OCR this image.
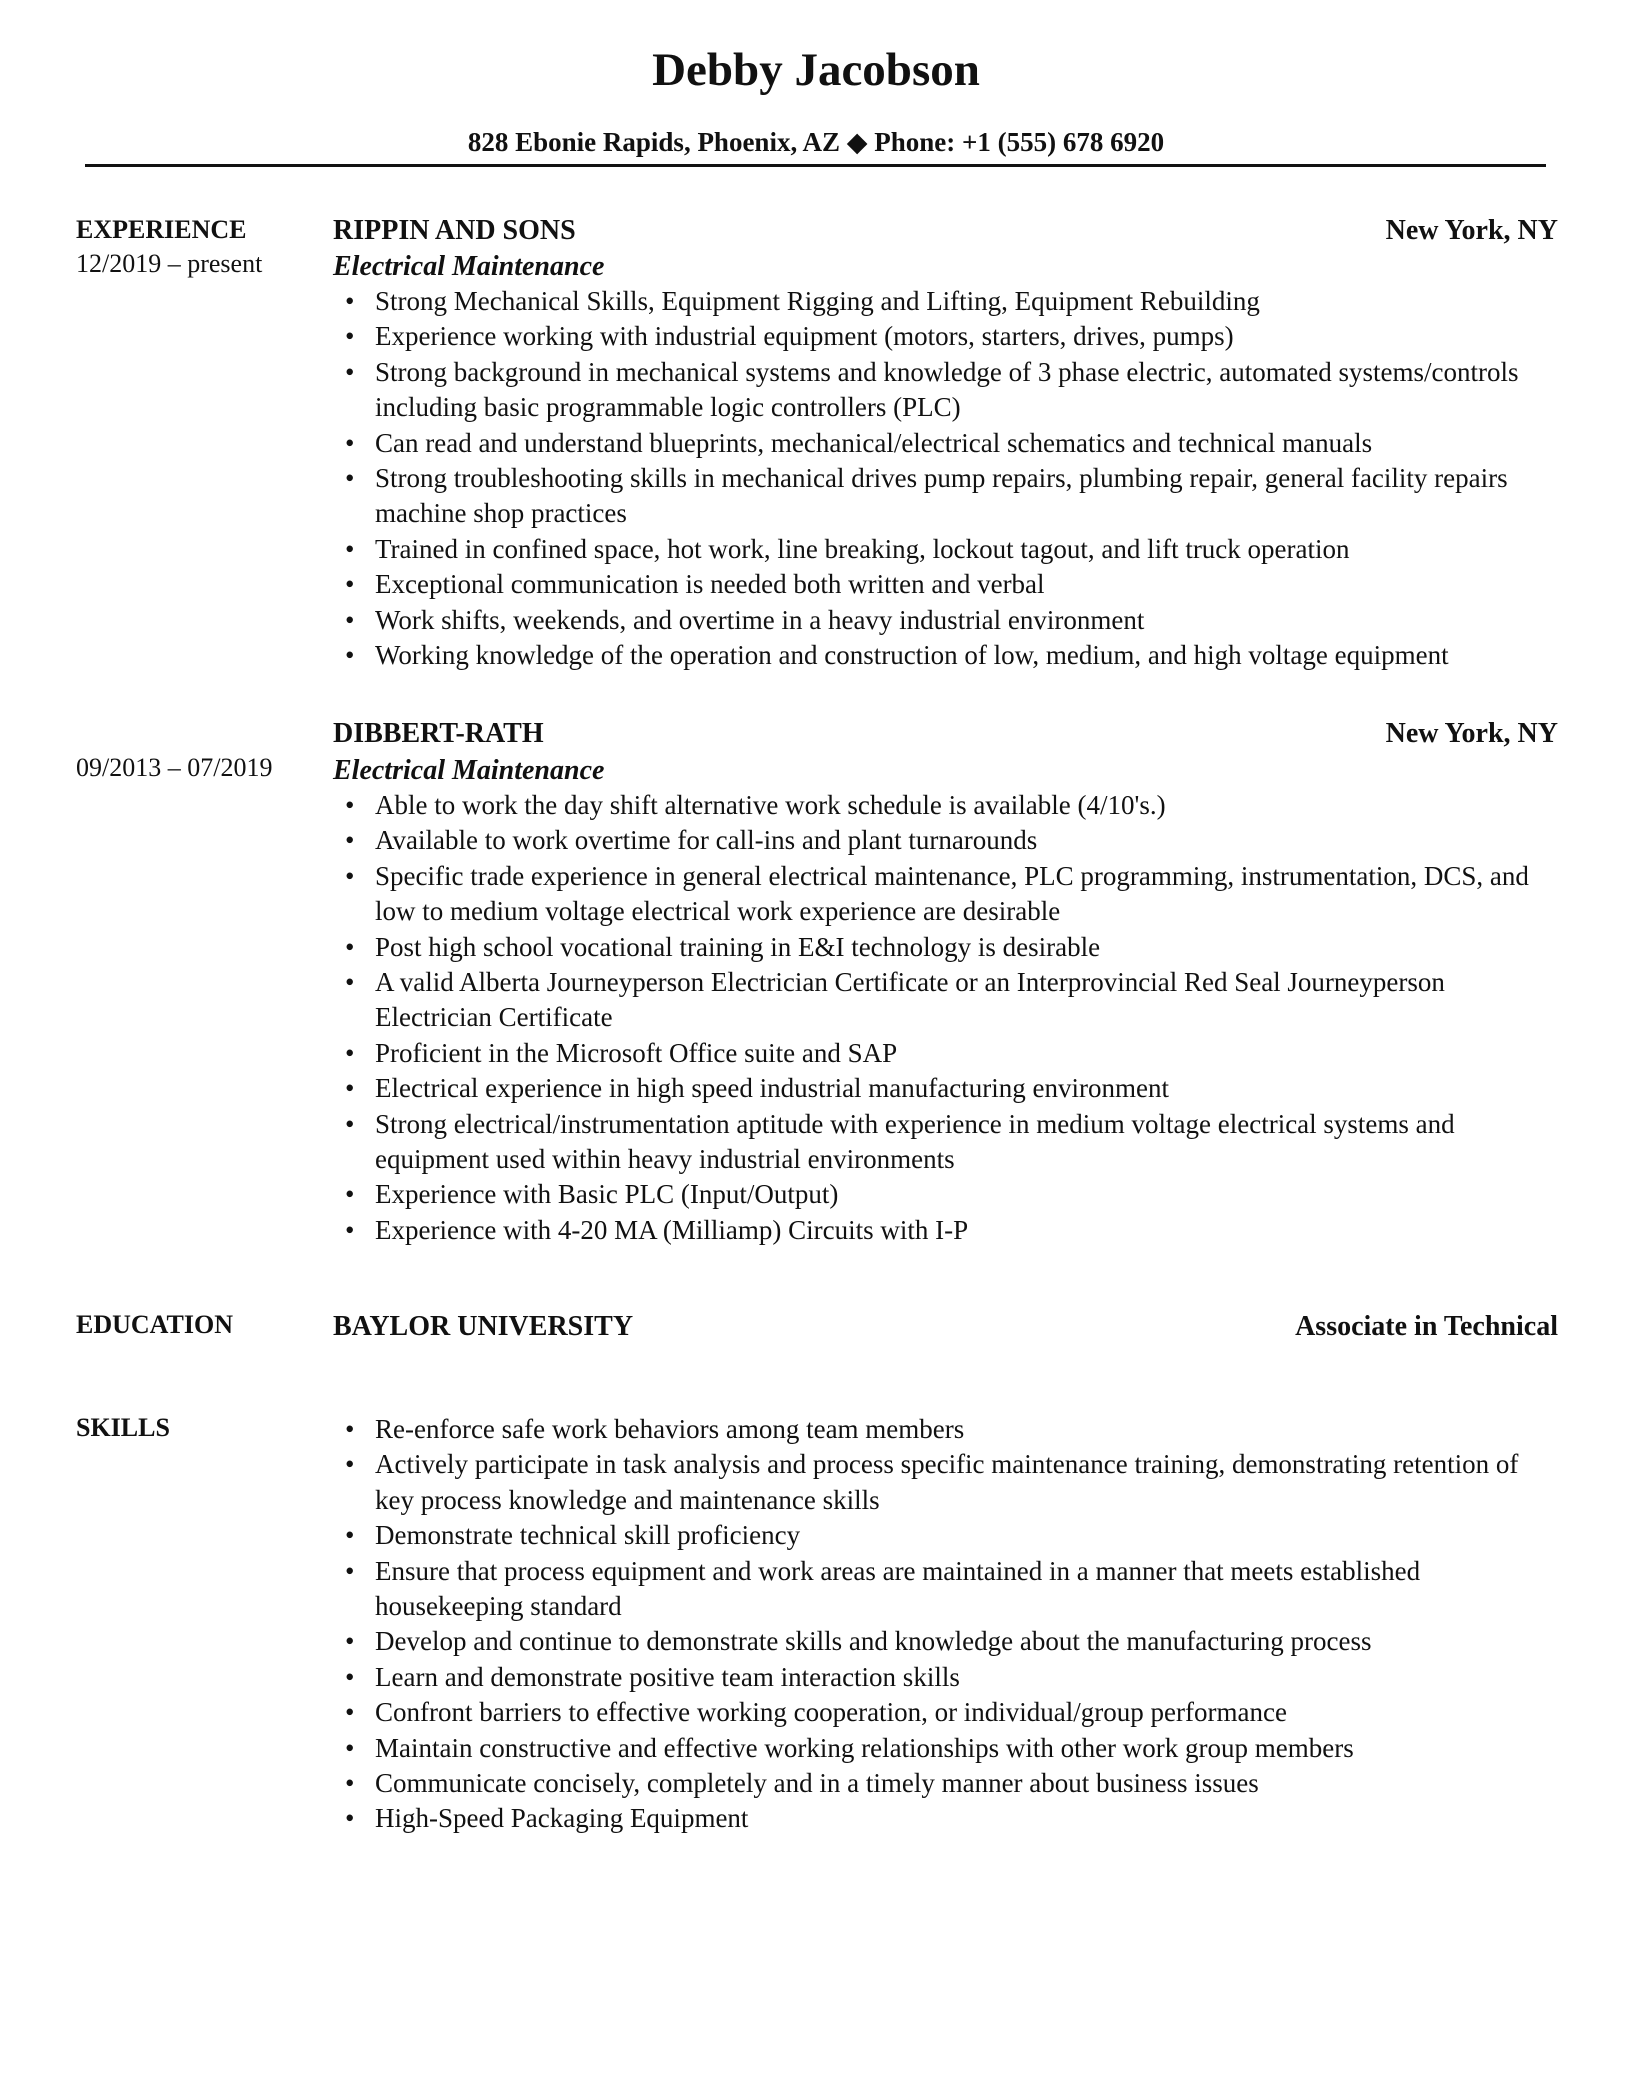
Debby Jacobson
828 Ebonie Rapids, Phoenix, AZ ◆ Phone: +1 (555) 678 6920
EXPERIENCE
12/2019 – present
RIPPIN AND SONS	New York, NY
Electrical Maintenance
• Strong Mechanical Skills, Equipment Rigging and Lifting, Equipment Rebuilding
• Experience working with industrial equipment (motors, starters, drives, pumps)
• Strong background in mechanical systems and knowledge of 3 phase electric, automated systems/controls including basic programmable logic controllers (PLC)
• Can read and understand blueprints, mechanical/electrical schematics and technical manuals
• Strong troubleshooting skills in mechanical drives pump repairs, plumbing repair, general facility repairs machine shop practices
• Trained in confined space, hot work, line breaking, lockout tagout, and lift truck operation
• Exceptional communication is needed both written and verbal
• Work shifts, weekends, and overtime in a heavy industrial environment
• Working knowledge of the operation and construction of low, medium, and high voltage equipment
09/2013 – 07/2019
DIBBERT-RATH	New York, NY
Electrical Maintenance
• Able to work the day shift alternative work schedule is available (4/10's.)
• Available to work overtime for call-ins and plant turnarounds
• Specific trade experience in general electrical maintenance, PLC programming, instrumentation, DCS, and low to medium voltage electrical work experience are desirable
• Post high school vocational training in E&I technology is desirable
• A valid Alberta Journeyperson Electrician Certificate or an Interprovincial Red Seal Journeyperson Electrician Certificate
• Proficient in the Microsoft Office suite and SAP
• Electrical experience in high speed industrial manufacturing environment
• Strong electrical/instrumentation aptitude with experience in medium voltage electrical systems and equipment used within heavy industrial environments
• Experience with Basic PLC (Input/Output)
• Experience with 4-20 MA (Milliamp) Circuits with I-P
EDUCATION	BAYLOR UNIVERSITY	Associate in Technical
SKILLS
•	Re-enforce safe work behaviors among team members
• Actively participate in task analysis and process specific maintenance training, demonstrating retention of key process knowledge and maintenance skills
• Demonstrate technical skill proficiency
• Ensure that process equipment and work areas are maintained in a manner that meets established housekeeping standard
• Develop and continue to demonstrate skills and knowledge about the manufacturing process
• Learn and demonstrate positive team interaction skills
• Confront barriers to effective working cooperation, or individual/group performance
• Maintain constructive and effective working relationships with other work group members
• Communicate concisely, completely and in a timely manner about business issues
• High-Speed Packaging Equipment
